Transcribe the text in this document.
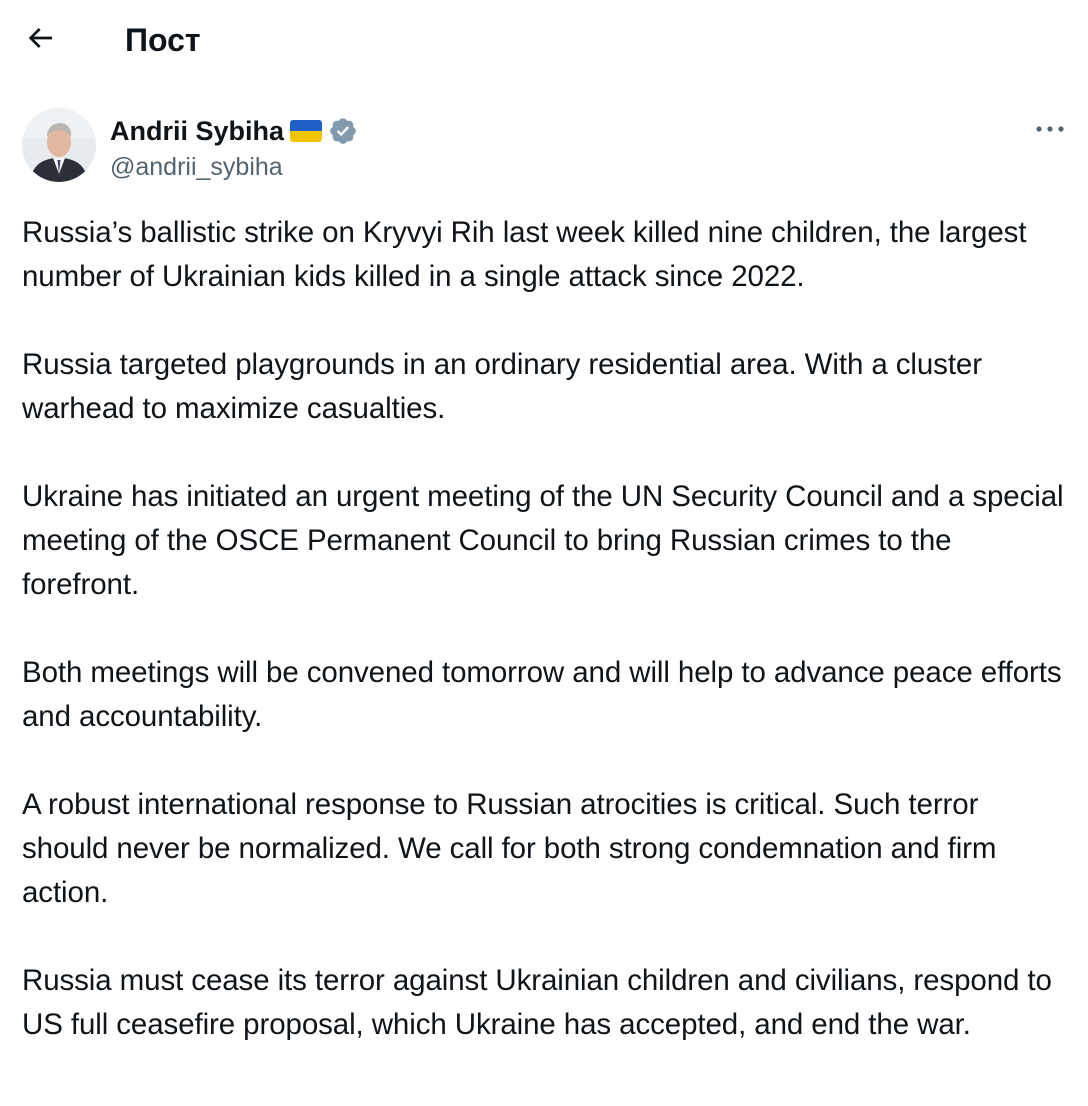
Пост
Andrii Sybiha
@andrii_sybiha

Russia’s ballistic strike on Kryvyi Rih last week killed nine children, the largest number of Ukrainian kids killed in a single attack since 2022.

Russia targeted playgrounds in an ordinary residential area. With a cluster warhead to maximize casualties.

Ukraine has initiated an urgent meeting of the UN Security Council and a special meeting of the OSCE Permanent Council to bring Russian crimes to the forefront.

Both meetings will be convened tomorrow and will help to advance peace efforts and accountability.

A robust international response to Russian atrocities is critical. Such terror should never be normalized. We call for both strong condemnation and firm action.

Russia must cease its terror against Ukrainian children and civilians, respond to US full ceasefire proposal, which Ukraine has accepted, and end the war.
